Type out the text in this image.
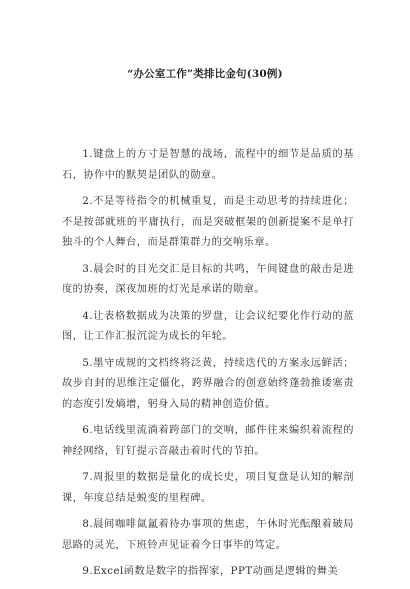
“办公室工作”类排比金句(30例)

1.键盘上的方寸是智慧的战场，流程中的细节是品质的基石，协作中的默契是团队的勋章。

2.不是等待指令的机械重复，而是主动思考的持续进化；不是按部就班的平庸执行，而是突破框架的创新提案不是单打独斗的个人舞台，而是群策群力的交响乐章。

3.晨会时的目光交汇是目标的共鸣，午间键盘的敲击是进度的协奏，深夜加班的灯光是承诺的勋章。

4.让表格数据成为决策的罗盘，让会议纪要化作行动的蓝图，让工作汇报沉淀为成长的年轮。

5.墨守成规的文档终将泛黄，持续迭代的方案永远鲜活；故步自封的思维注定僵化，跨界融合的创意始终蓬勃推诿塞责的态度引发熵增，躬身入局的精神创造价值。

6.电话线里流淌着跨部门的交响，邮件往来编织着流程的神经网络，钉钉提示音敲击着时代的节拍。

7.周报里的数据是量化的成长史，项目复盘是认知的解剖课，年度总结是蜕变的里程碑。

8.晨间咖啡氤氲着待办事项的焦虑，午休时光酝酿着破局思路的灵光，下班铃声见证着今日事毕的笃定。

9.Excel函数是数字的指挥家，PPT动画是逻辑的舞美
